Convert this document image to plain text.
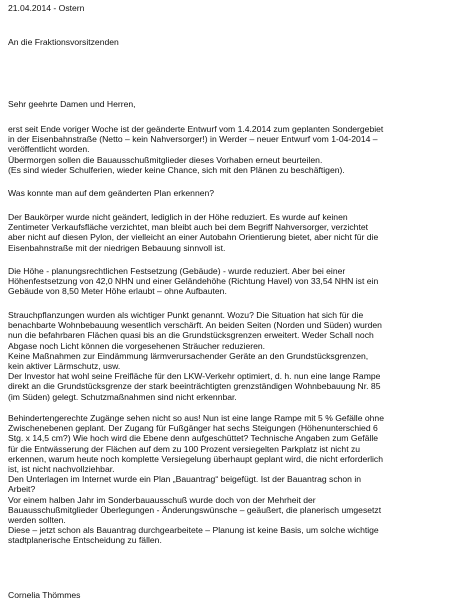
21.04.2014 - Ostern
An die Fraktionsvorsitzenden
Sehr geehrte Damen und Herren,
erst seit Ende voriger Woche ist der geänderte Entwurf vom 1.4.2014 zum geplanten Sondergebiet
in der Eisenbahnstraße (Netto – kein Nahversorger!) in Werder – neuer Entwurf vom 1-04-2014 –
veröffentlicht worden.
Übermorgen sollen die Bauausschußmitglieder dieses Vorhaben erneut beurteilen.
(Es sind wieder Schulferien, wieder keine Chance, sich mit den Plänen zu beschäftigen).
Was konnte man auf dem geänderten Plan erkennen?
Der Baukörper wurde nicht geändert, lediglich in der Höhe reduziert. Es wurde auf keinen
Zentimeter Verkaufsfläche verzichtet, man bleibt auch bei dem Begriff Nahversorger, verzichtet
aber nicht auf diesen Pylon, der vielleicht an einer Autobahn Orientierung bietet, aber nicht für die
Eisenbahnstraße mit der niedrigen Bebauung sinnvoll ist.
Die Höhe - planungsrechtlichen Festsetzung (Gebäude) - wurde reduziert. Aber bei einer
Höhenfestsetzung von 42,0 NHN und einer Geländehöhe (Richtung Havel) von 33,54 NHN ist ein
Gebäude von 8,50 Meter Höhe erlaubt – ohne Aufbauten.
Strauchpflanzungen wurden als wichtiger Punkt genannt. Wozu? Die Situation hat sich für die
benachbarte Wohnbebauung wesentlich verschärft. An beiden Seiten (Norden und Süden) wurden
nun die befahrbaren Flächen quasi bis an die Grundstücksgrenzen erweitert. Weder Schall noch
Abgase noch Licht können die vorgesehenen Sträucher reduzieren.
Keine Maßnahmen zur Eindämmung lärmverursachender Geräte an den Grundstücksgrenzen,
kein aktiver Lärmschutz, usw.
Der Investor hat wohl seine Freifläche für den LKW-Verkehr optimiert, d. h. nun eine lange Rampe
direkt an die Grundstücksgrenze der stark beeinträchtigten grenzständigen Wohnbebauung Nr. 85
(im Süden) gelegt. Schutzmaßnahmen sind nicht erkennbar.
Behindertengerechte Zugänge sehen nicht so aus! Nun ist eine lange Rampe mit 5 % Gefälle ohne
Zwischenebenen geplant. Der Zugang für Fußgänger hat sechs Steigungen (Höhenunterschied 6
Stg. x 14,5 cm?) Wie hoch wird die Ebene denn aufgeschüttet? Technische Angaben zum Gefälle
für die Entwässerung der Flächen auf dem zu 100 Prozent versiegelten Parkplatz ist nicht zu
erkennen, warum heute noch komplette Versiegelung überhaupt geplant wird, die nicht erforderlich
ist, ist nicht nachvollziehbar.
Den Unterlagen im Internet wurde ein Plan „Bauantrag“ beigefügt. Ist der Bauantrag schon in
Arbeit?
Vor einem halben Jahr im Sonderbauausschuß wurde doch von der Mehrheit der
Bauausschußmitglieder Überlegungen - Änderungswünsche – geäußert, die planerisch umgesetzt
werden sollten.
Diese – jetzt schon als Bauantrag durchgearbeitete – Planung ist keine Basis, um solche wichtige
stadtplanerische Entscheidung zu fällen.
Cornelia Thömmes
